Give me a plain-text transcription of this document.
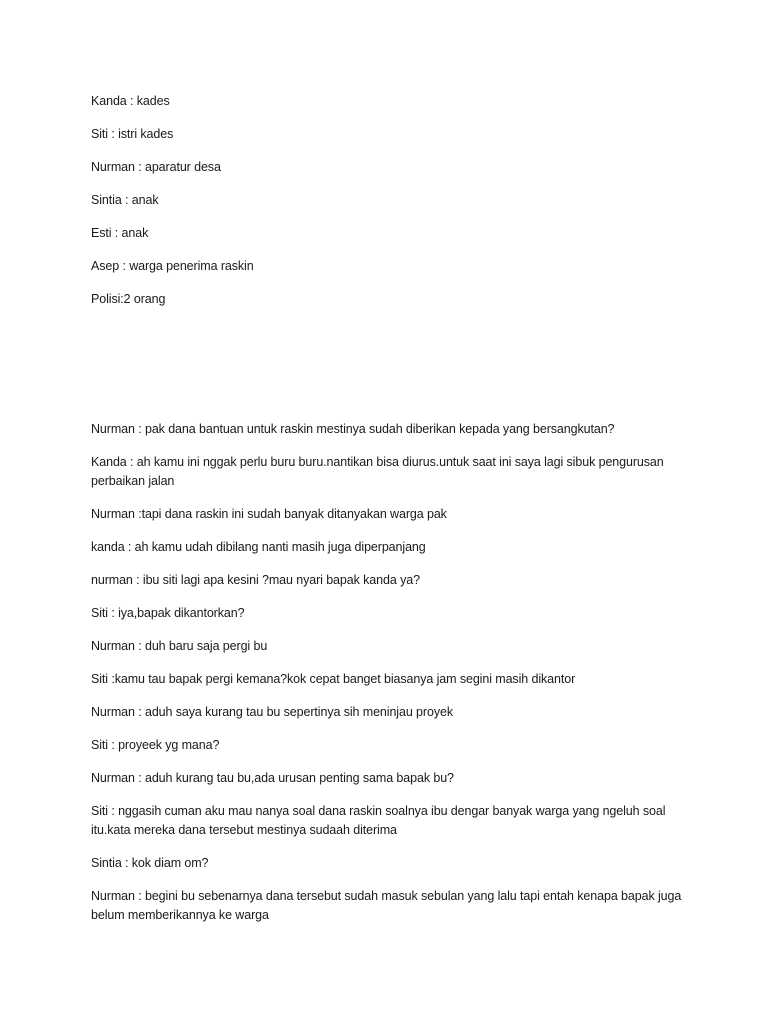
Kanda : kades

Siti : istri kades

Nurman : aparatur desa

Sintia : anak

Esti : anak

Asep : warga penerima raskin

Polisi:2 orang

Nurman : pak dana bantuan untuk raskin mestinya sudah diberikan kepada yang bersangkutan?

Kanda : ah kamu ini nggak perlu buru buru.nantikan bisa diurus.untuk saat ini saya lagi sibuk pengurusan perbaikan jalan

Nurman :tapi dana raskin ini sudah banyak ditanyakan warga pak

kanda : ah kamu udah dibilang nanti masih juga diperpanjang

nurman : ibu siti lagi apa kesini ?mau nyari bapak kanda ya?

Siti : iya,bapak dikantorkan?

Nurman : duh baru saja pergi bu

Siti :kamu tau bapak pergi kemana?kok cepat banget biasanya jam segini masih dikantor

Nurman : aduh saya kurang tau bu sepertinya sih meninjau proyek

Siti : proyeek yg mana?

Nurman : aduh kurang tau bu,ada urusan penting sama bapak bu?

Siti : nggasih cuman aku mau nanya soal dana raskin soalnya ibu dengar banyak warga yang ngeluh soal itu.kata mereka dana tersebut mestinya sudaah diterima

Sintia : kok diam om?

Nurman : begini bu sebenarnya dana tersebut sudah masuk sebulan yang lalu tapi entah kenapa bapak juga belum memberikannya ke warga
